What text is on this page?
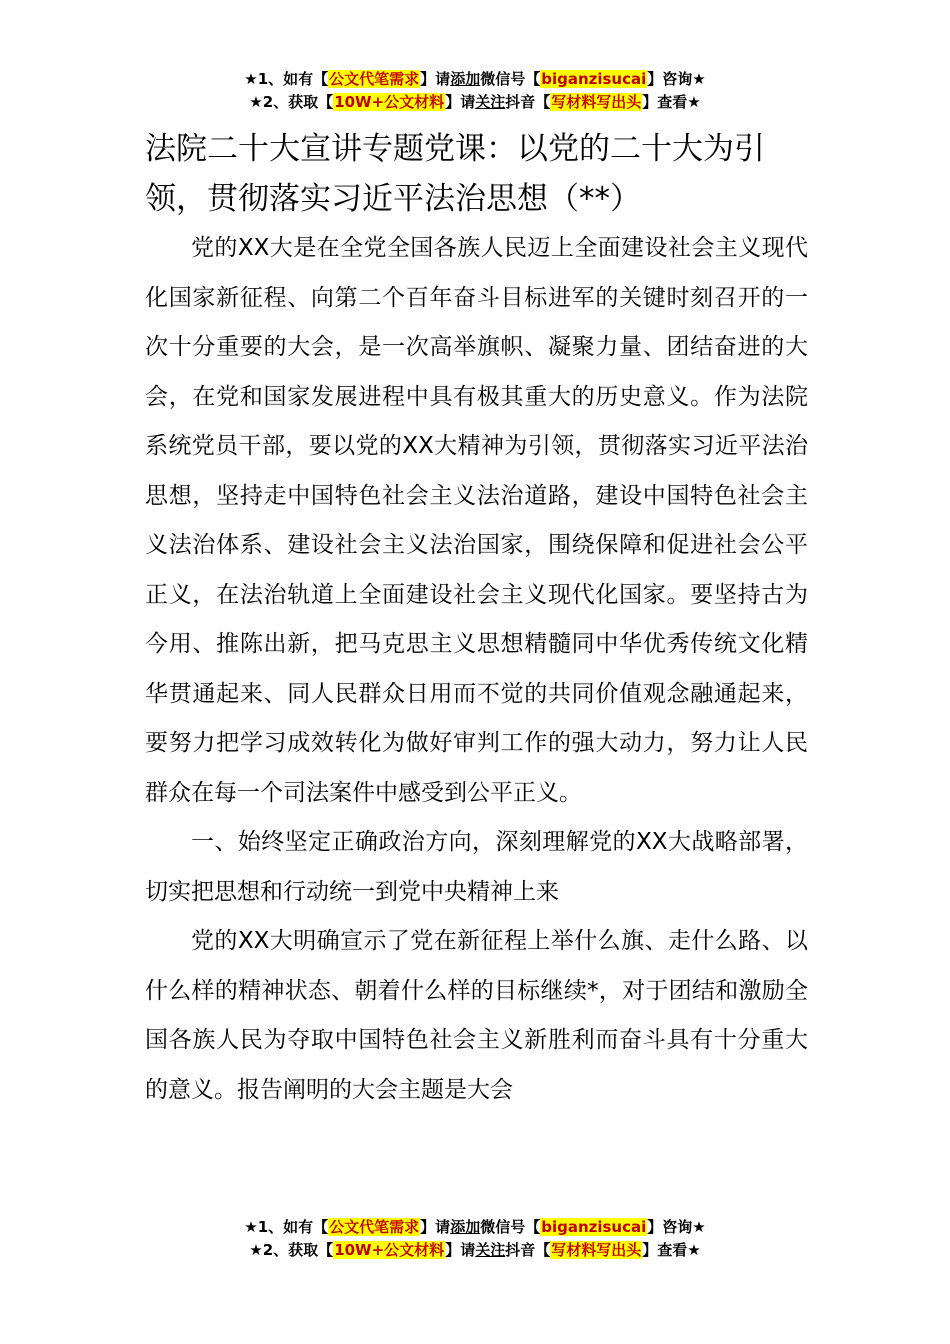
★1、如有【公文代笔需求】请添加微信号【biganzisucai】咨询★
★2、获取【10W+公文材料】请关注抖音【写材料写出头】查看★
法院二十大宣讲专题党课：以党的二十大为引领，贯彻落实习近平法治思想（**）

党的XX大是在全党全国各族人民迈上全面建设社会主义现代化国家新征程、向第二个百年奋斗目标进军的关键时刻召开的一次十分重要的大会，是一次高举旗帜、凝聚力量、团结奋进的大会，在党和国家发展进程中具有极其重大的历史意义。作为法院系统党员干部，要以党的XX大精神为引领，贯彻落实习近平法治思想，坚持走中国特色社会主义法治道路，建设中国特色社会主义法治体系、建设社会主义法治国家，围绕保障和促进社会公平正义，在法治轨道上全面建设社会主义现代化国家。要坚持古为今用、推陈出新，把马克思主义思想精髓同中华优秀传统文化精华贯通起来、同人民群众日用而不觉的共同价值观念融通起来，要努力把学习成效转化为做好审判工作的强大动力，努力让人民群众在每一个司法案件中感受到公平正义。

一、始终坚定正确政治方向，深刻理解党的XX大战略部署，切实把思想和行动统一到党中央精神上来

党的XX大明确宣示了党在新征程上举什么旗、走什么路、以什么样的精神状态、朝着什么样的目标继续*，对于团结和激励全国各族人民为夺取中国特色社会主义新胜利而奋斗具有十分重大的意义。报告阐明的大会主题是大会

★1、如有【公文代笔需求】请添加微信号【biganzisucai】咨询★
★2、获取【10W+公文材料】请关注抖音【写材料写出头】查看★
